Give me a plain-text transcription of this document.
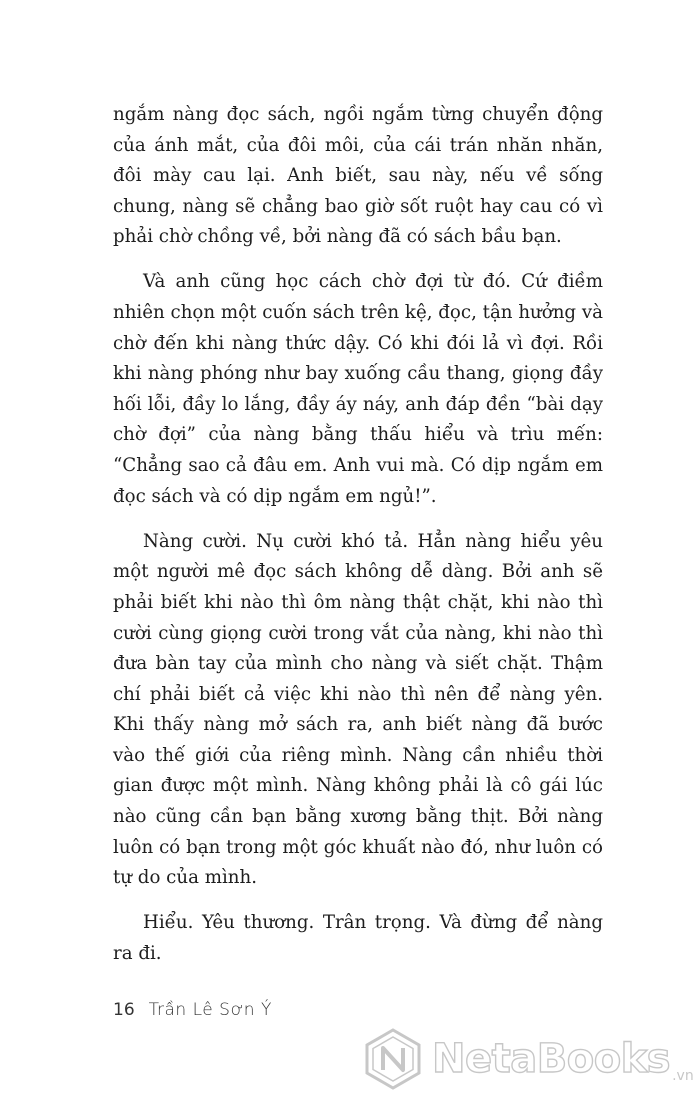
ngắm nàng đọc sách, ngồi ngắm từng chuyển động của ánh mắt, của đôi môi, của cái trán nhăn nhăn, đôi mày cau lại. Anh biết, sau này, nếu về sống chung, nàng sẽ chẳng bao giờ sốt ruột hay cau có vì phải chờ chồng về, bởi nàng đã có sách bầu bạn.

Và anh cũng học cách chờ đợi từ đó. Cứ điềm nhiên chọn một cuốn sách trên kệ, đọc, tận hưởng và chờ đến khi nàng thức dậy. Có khi đói lả vì đợi. Rồi khi nàng phóng như bay xuống cầu thang, giọng đầy hối lỗi, đầy lo lắng, đầy áy náy, anh đáp đền “bài dạy chờ đợi” của nàng bằng thấu hiểu và trìu mến: “Chẳng sao cả đâu em. Anh vui mà. Có dịp ngắm em đọc sách và có dịp ngắm em ngủ!”.

Nàng cười. Nụ cười khó tả. Hẳn nàng hiểu yêu một người mê đọc sách không dễ dàng. Bởi anh sẽ phải biết khi nào thì ôm nàng thật chặt, khi nào thì cười cùng giọng cười trong vắt của nàng, khi nào thì đưa bàn tay của mình cho nàng và siết chặt. Thậm chí phải biết cả việc khi nào thì nên để nàng yên. Khi thấy nàng mở sách ra, anh biết nàng đã bước vào thế giới của riêng mình. Nàng cần nhiều thời gian được một mình. Nàng không phải là cô gái lúc nào cũng cần bạn bằng xương bằng thịt. Bởi nàng luôn có bạn trong một góc khuất nào đó, như luôn có tự do của mình.

Hiểu. Yêu thương. Trân trọng. Và đừng để nàng ra đi.

16 Trần Lê Sơn Ý
NetaBooks .vn
